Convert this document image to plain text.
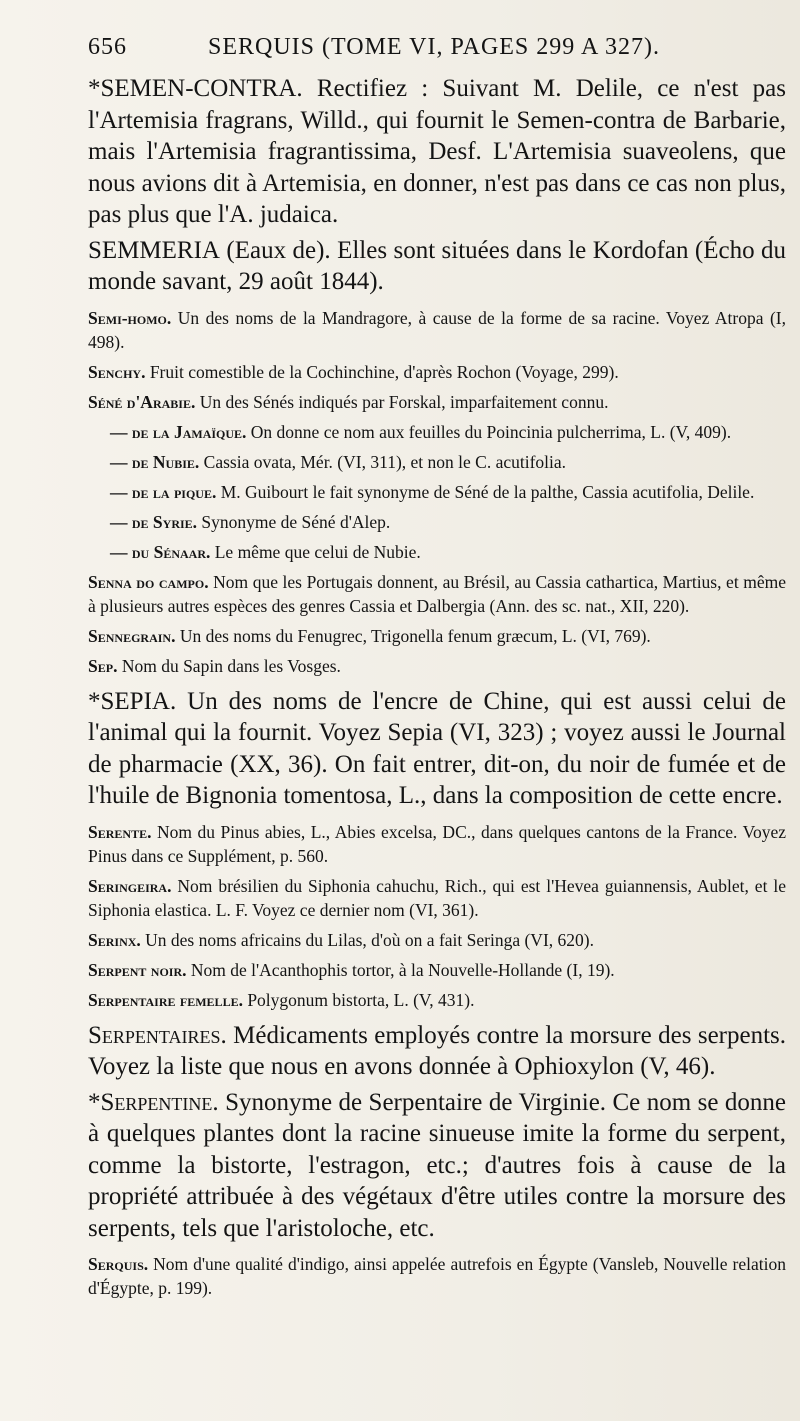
656	SERQUIS (TOME VI, PAGES 299 A 327).

*SEMEN-CONTRA. Rectifiez : Suivant M. Delile, ce n'est pas l'Artemisia fragrans, Willd., qui fournit le Semen-contra de Barbarie, mais l'Artemisia fragrantissima, Desf. L'Artemisia suaveolens, que nous avions dit à Artemisia, en donner, n'est pas dans ce cas non plus, pas plus que l'A. judaica.

SEMMERIA (Eaux de). Elles sont situées dans le Kordofan (Écho du monde savant, 29 août 1844).

Semi-homo. Un des noms de la Mandragore, à cause de la forme de sa racine. Voyez Atropa (I, 498).

Senchy. Fruit comestible de la Cochinchine, d'après Rochon (Voyage, 299).

Séné d'Arabie. Un des Sénés indiqués par Forskal, imparfaitement connu.

— de la Jamaïque. On donne ce nom aux feuilles du Poincinia pulcherrima, L. (V, 409).

— de Nubie. Cassia ovata, Mér. (VI, 311), et non le C. acutifolia.

— de la pique. M. Guibourt le fait synonyme de Séné de la palthe, Cassia acutifolia, Delile.

— de Syrie. Synonyme de Séné d'Alep.

— du Sénaar. Le même que celui de Nubie.

Senna do campo. Nom que les Portugais donnent, au Brésil, au Cassia cathartica, Martius, et même à plusieurs autres espèces des genres Cassia et Dalbergia (Ann. des sc. nat., XII, 220).

Sennegrain. Un des noms du Fenugrec, Trigonella fenum græcum, L. (VI, 769).

Sep. Nom du Sapin dans les Vosges.

*SEPIA. Un des noms de l'encre de Chine, qui est aussi celui de l'animal qui la fournit. Voyez Sepia (VI, 323) ; voyez aussi le Journal de pharmacie (XX, 36). On fait entrer, dit-on, du noir de fumée et de l'huile de Bignonia tomentosa, L., dans la composition de cette encre.

Serente. Nom du Pinus abies, L., Abies excelsa, DC., dans quelques cantons de la France. Voyez Pinus dans ce Supplément, p. 560.

Seringeira. Nom brésilien du Siphonia cahuchu, Rich., qui est l'Hevea guiannensis, Aublet, et le Siphonia elastica. L. F. Voyez ce dernier nom (VI, 361).

Serinx. Un des noms africains du Lilas, d'où on a fait Seringa (VI, 620).

Serpent noir. Nom de l'Acanthophis tortor, à la Nouvelle-Hollande (I, 19).

Serpentaire femelle. Polygonum bistorta, L. (V, 431).

Serpentaires. Médicaments employés contre la morsure des serpents. Voyez la liste que nous en avons donnée à Ophioxylon (V, 46).

*Serpentine. Synonyme de Serpentaire de Virginie. Ce nom se donne à quelques plantes dont la racine sinueuse imite la forme du serpent, comme la bistorte, l'estragon, etc.; d'autres fois à cause de la propriété attribuée à des végétaux d'être utiles contre la morsure des serpents, tels que l'aristoloche, etc.

Serquis. Nom d'une qualité d'indigo, ainsi appelée autrefois en Égypte (Vansleb, Nouvelle relation d'Égypte, p. 199).
